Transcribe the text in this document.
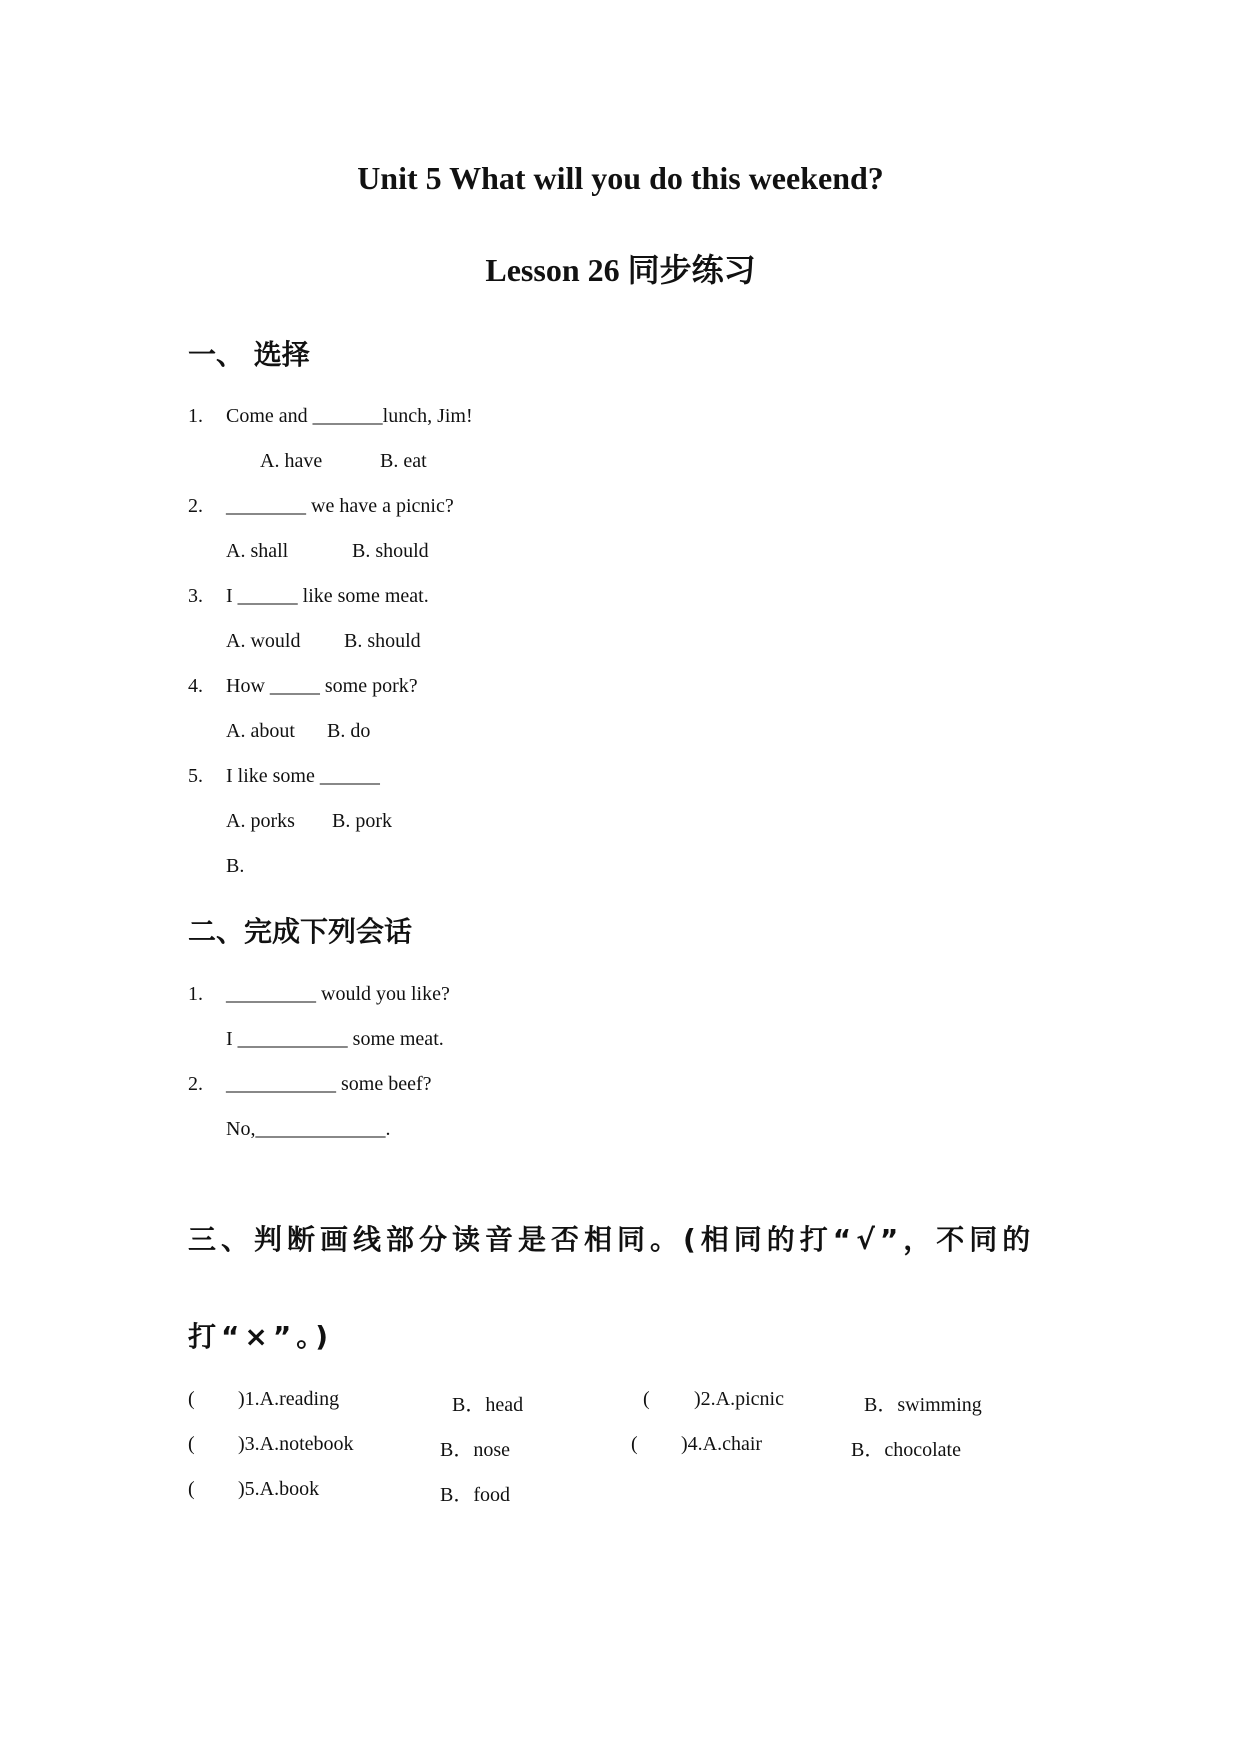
Unit 5 What will you do this weekend?
Lesson 26 同步练习
一、 选择
1. Come and _______lunch, Jim!
A. have	B. eat
2. ________ we have a picnic?
A. shall	B. should
3. I ______ like some meat.
A. would B. should
4. How _____ some pork?
A. about B. do
5. I like some ______
A. porks B. pork
B.
二、完成下列会话
1. _________ would you like?
I ___________ some meat.
2. ___________ some beef?
No,_____________.
三、判断画线部分读音是否相同。(相同的打“√”，不同的
打“×”。)
( )1.A.reading	B．head	( )2.A.picnic	B．swimming
( )3.A.notebook	B．nose	( )4.A.chair	B．chocolate
( )5.A.book	B．food
